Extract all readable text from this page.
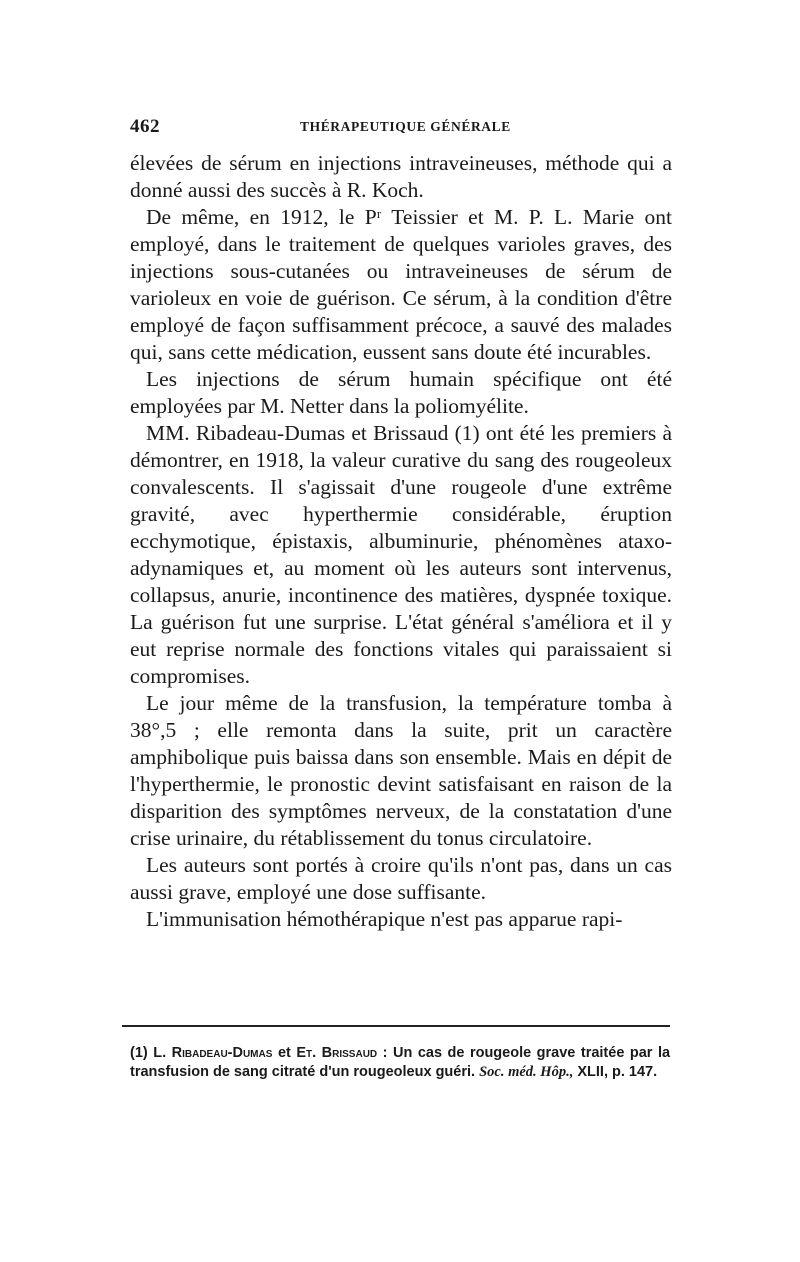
462	THÉRAPEUTIQUE GÉNÉRALE

élevées de sérum en injections intraveineuses, méthode qui a donné aussi des succès à R. Koch.

De même, en 1912, le Pʳ Teissier et M. P. L. Marie ont employé, dans le traitement de quelques varioles graves, des injections sous-cutanées ou intraveineuses de sérum de varioleux en voie de guérison. Ce sérum, à la condition d'être employé de façon suffisamment précoce, a sauvé des malades qui, sans cette médication, eussent sans doute été incurables.

Les injections de sérum humain spécifique ont été employées par M. Netter dans la poliomyélite.

MM. Ribadeau-Dumas et Brissaud (1) ont été les premiers à démontrer, en 1918, la valeur curative du sang des rougeoleux convalescents. Il s'agissait d'une rougeole d'une extrême gravité, avec hyperthermie considérable, éruption ecchymotique, épistaxis, albuminurie, phénomènes ataxo-adynamiques et, au moment où les auteurs sont intervenus, collapsus, anurie, incontinence des matières, dyspnée toxique. La guérison fut une surprise. L'état général s'améliora et il y eut reprise normale des fonctions vitales qui paraissaient si compromises.

Le jour même de la transfusion, la température tomba à 38°,5 ; elle remonta dans la suite, prit un caractère amphibolique puis baissa dans son ensemble. Mais en dépit de l'hyperthermie, le pronostic devint satisfaisant en raison de la disparition des symptômes nerveux, de la constatation d'une crise urinaire, du rétablissement du tonus circulatoire.

Les auteurs sont portés à croire qu'ils n'ont pas, dans un cas aussi grave, employé une dose suffisante.

L'immunisation hémothérapique n'est pas apparue rapi-

(1) L. Ribadeau-Dumas et Et. Brissaud : Un cas de rougeole grave traitée par la transfusion de sang citraté d'un rougeoleux guéri. Soc. méd. Hôp., XLII, p. 147.
